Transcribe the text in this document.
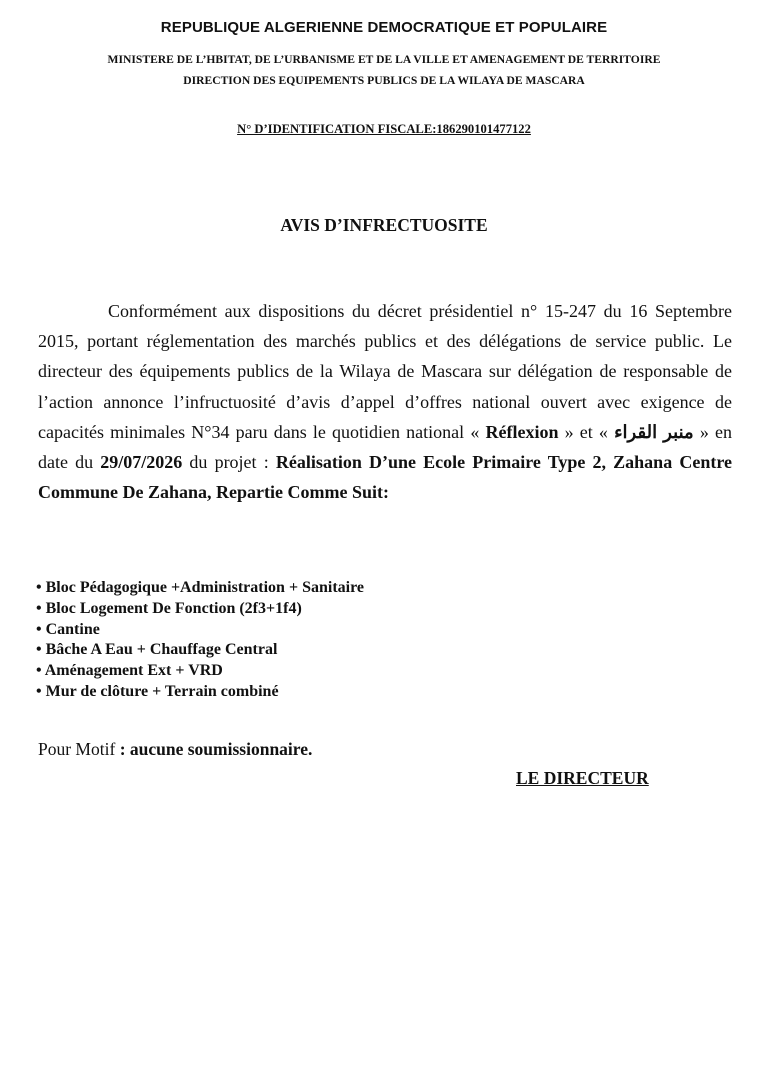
REPUBLIQUE ALGERIENNE DEMOCRATIQUE ET POPULAIRE
MINISTERE DE L’HBITAT, DE L’URBANISME ET DE LA VILLE ET AMENAGEMENT DE TERRITOIRE
DIRECTION DES EQUIPEMENTS PUBLICS DE LA WILAYA DE MASCARA
N° D’IDENTIFICATION FISCALE:186290101477122
AVIS D’INFRECTUOSITE

Conformément aux dispositions du décret présidentiel n° 15-247 du 16 Septembre 2015, portant réglementation des marchés publics et des délégations de service public. Le directeur des équipements publics de la Wilaya de Mascara sur délégation de responsable de l’action annonce l’infructuosité d’avis d’appel d’offres national ouvert avec exigence de capacités minimales N°34 paru dans le quotidien national « Réflexion » et « منبر القراء » en date du 29/07/2026 du projet : Réalisation D’une Ecole Primaire Type 2, Zahana Centre Commune De Zahana, Repartie Comme Suit:

• Bloc Pédagogique +Administration + Sanitaire
• Bloc Logement De Fonction (2f3+1f4)
• Cantine
• Bâche A Eau + Chauffage Central
• Aménagement Ext + VRD
• Mur de clôture + Terrain combiné
Pour Motif : aucune soumissionnaire.
LE DIRECTEUR
